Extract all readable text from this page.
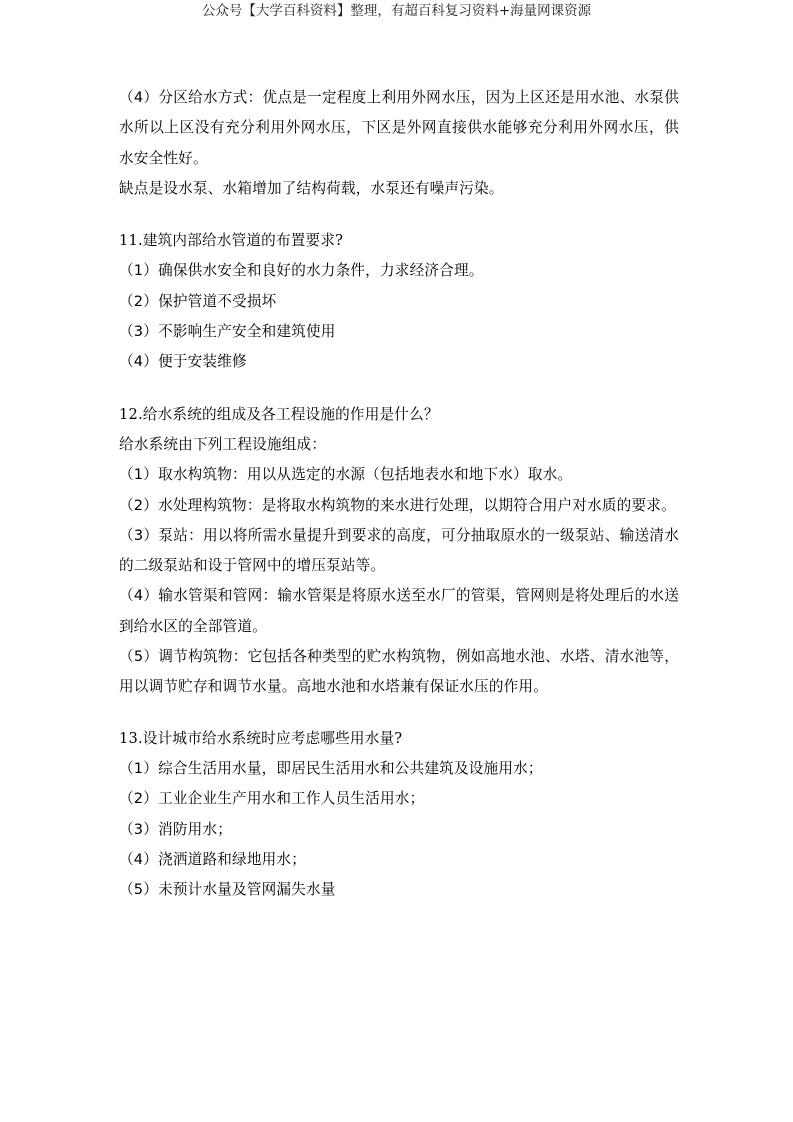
公众号【大学百科资料】整理，有超百科复习资料+海量网课资源

（4）分区给水方式：优点是一定程度上利用外网水压，因为上区还是用水池、水泵供水所以上区没有充分利用外网水压，下区是外网直接供水能够充分利用外网水压，供水安全性好。

缺点是设水泵、水箱增加了结构荷载，水泵还有噪声污染。

11.建筑内部给水管道的布置要求?

（1）确保供水安全和良好的水力条件，力求经济合理。

（2）保护管道不受损坏

（3）不影响生产安全和建筑使用

（4）便于安装维修

12.给水系统的组成及各工程设施的作用是什么？

给水系统由下列工程设施组成：

（1）取水构筑物：用以从选定的水源（包括地表水和地下水）取水。

（2）水处理构筑物：是将取水构筑物的来水进行处理，以期符合用户对水质的要求。

（3）泵站：用以将所需水量提升到要求的高度，可分抽取原水的一级泵站、输送清水的二级泵站和设于管网中的增压泵站等。

（4）输水管渠和管网：输水管渠是将原水送至水厂的管渠，管网则是将处理后的水送到给水区的全部管道。

（5）调节构筑物：它包括各种类型的贮水构筑物，例如高地水池、水塔、清水池等，用以调节贮存和调节水量。高地水池和水塔兼有保证水压的作用。

13.设计城市给水系统时应考虑哪些用水量?

（1）综合生活用水量，即居民生活用水和公共建筑及设施用水；

（2）工业企业生产用水和工作人员生活用水；

（3）消防用水；

（4）浇洒道路和绿地用水；

（5）未预计水量及管网漏失水量
